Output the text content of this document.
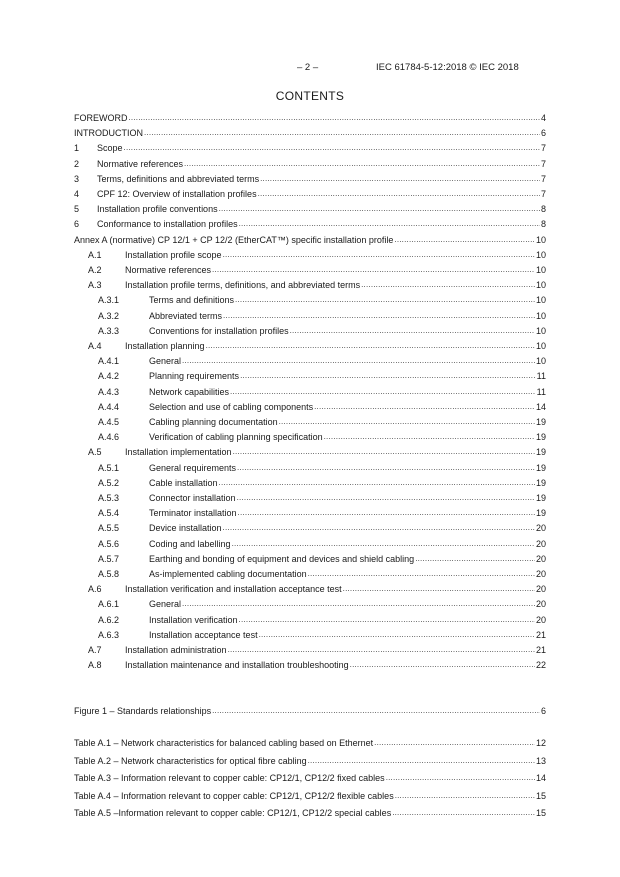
– 2 –	IEC 61784-5-12:2018 © IEC 2018
CONTENTS
FOREWORD .....	4
INTRODUCTION .....	6
1	Scope .....	7
2	Normative references .....	7
3	Terms, definitions and abbreviated terms .....	7
4	CPF 12: Overview of installation profiles .....	7
5	Installation profile conventions .....	8
6	Conformance to installation profiles .....	8
Annex A (normative) CP 12/1 + CP 12/2 (EtherCAT™) specific installation profile .....	10
A.1	Installation profile scope .....	10
A.2	Normative references .....	10
A.3	Installation profile terms, definitions, and abbreviated terms .....	10
A.3.1	Terms and definitions .....	10
A.3.2	Abbreviated terms .....	10
A.3.3	Conventions for installation profiles .....	10
A.4	Installation planning .....	10
A.4.1	General .....	10
A.4.2	Planning requirements .....	11
A.4.3	Network capabilities .....	11
A.4.4	Selection and use of cabling components .....	14
A.4.5	Cabling planning documentation .....	19
A.4.6	Verification of cabling planning specification .....	19
A.5	Installation implementation .....	19
A.5.1	General requirements .....	19
A.5.2	Cable installation .....	19
A.5.3	Connector installation .....	19
A.5.4	Terminator installation .....	19
A.5.5	Device installation .....	20
A.5.6	Coding and labelling .....	20
A.5.7	Earthing and bonding of equipment and devices and shield cabling .....	20
A.5.8	As-implemented cabling documentation .....	20
A.6	Installation verification and installation acceptance test .....	20
A.6.1	General .....	20
A.6.2	Installation verification .....	20
A.6.3	Installation acceptance test .....	21
A.7	Installation administration .....	21
A.8	Installation maintenance and installation troubleshooting .....	22
Figure 1 – Standards relationships .....	6
Table A.1 – Network characteristics for balanced cabling based on Ethernet .....	12
Table A.2 – Network characteristics for optical fibre cabling .....	13
Table A.3 – Information relevant to copper cable: CP12/1, CP12/2 fixed cables .....	14
Table A.4 – Information relevant to copper cable: CP12/1, CP12/2 flexible cables .....	15
Table A.5 –Information relevant to copper cable: CP12/1, CP12/2 special cables .....	15
